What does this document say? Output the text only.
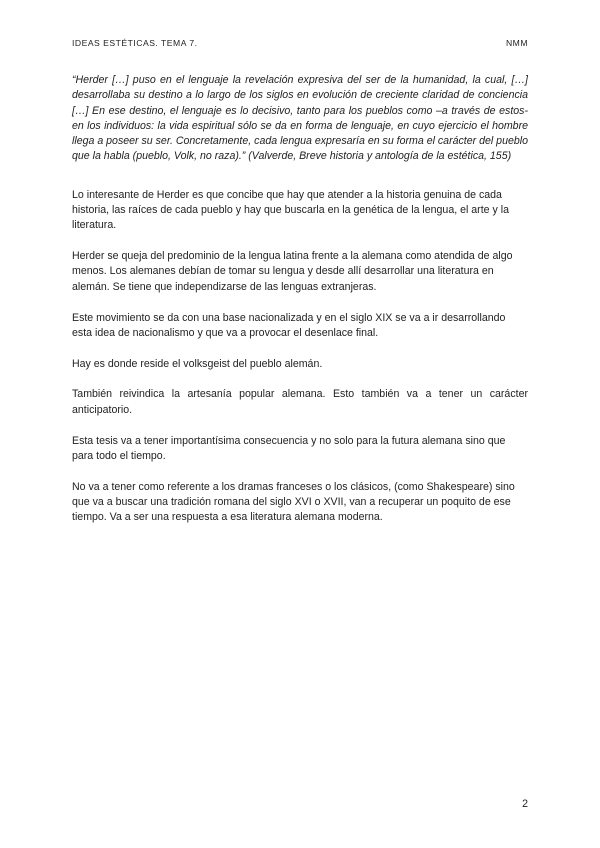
IDEAS ESTÉTICAS. TEMA 7.	NMM

“Herder […] puso en el lenguaje la revelación expresiva del ser de la humanidad, la cual, […] desarrollaba su destino a lo largo de los siglos en evolución de creciente claridad de conciencia […] En ese destino, el lenguaje es lo decisivo, tanto para los pueblos como –a través de estos- en los individuos: la vida espiritual sólo se da en forma de lenguaje, en cuyo ejercicio el hombre llega a poseer su ser. Concretamente, cada lengua expresaría en su forma el carácter del pueblo que la habla (pueblo, Volk, no raza).” (Valverde, Breve historia y antología de la estética, 155)

Lo interesante de Herder es que concibe que hay que atender a la historia genuina de cada historia, las raíces de cada pueblo y hay que buscarla en la genética de la lengua, el arte y la literatura.

Herder se queja del predominio de la lengua latina frente a la alemana como atendida de algo menos. Los alemanes debían de tomar su lengua y desde allí desarrollar una literatura en alemán. Se tiene que independizarse de las lenguas extranjeras.

Este movimiento se da con una base nacionalizada y en el siglo XIX se va a ir desarrollando esta idea de nacionalismo y que va a provocar el desenlace final.

Hay es donde reside el volksgeist del pueblo alemán.

También reivindica la artesanía popular alemana. Esto también va a tener un carácter anticipatorio.

Esta tesis va a tener importantísima consecuencia y no solo para la futura alemana sino que para todo el tiempo.

No va a tener como referente a los dramas franceses o los clásicos, (como Shakespeare) sino que va a buscar una tradición romana del siglo XVI o XVII, van a recuperar un poquito de ese tiempo. Va a ser una respuesta a esa literatura alemana moderna.

2
